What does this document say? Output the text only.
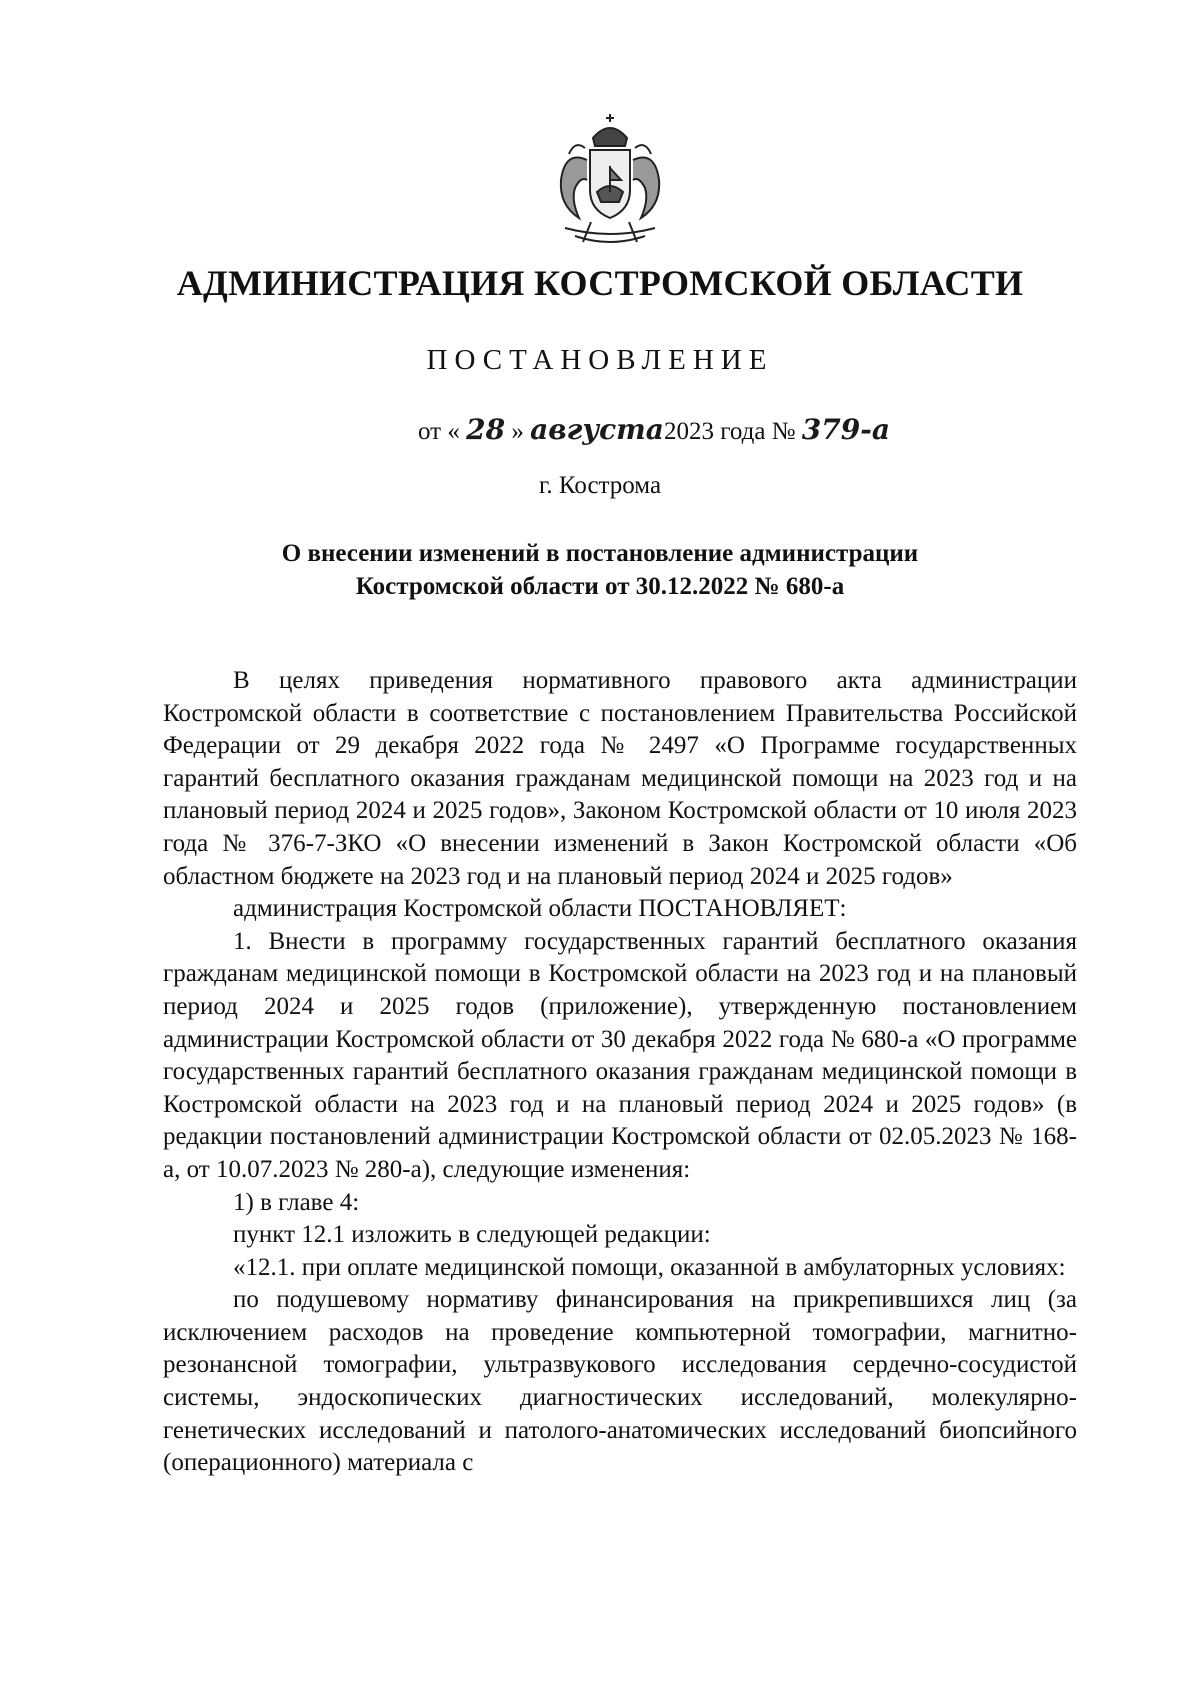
АДМИНИСТРАЦИЯ КОСТРОМСКОЙ ОБЛАСТИ
ПОСТАНОВЛЕНИЕ
от « 28 » августа2023 года № 379-а
г. Кострома
О внесении изменений в постановление администрации
Костромской области от 30.12.2022 № 680-а

В целях приведения нормативного правового акта администрации Костромской области в соответствие с постановлением Правительства Российской Федерации от 29 декабря 2022 года № 2497 «О Программе государственных гарантий бесплатного оказания гражданам медицинской помощи на 2023 год и на плановый период 2024 и 2025 годов», Законом Костромской области от 10 июля 2023 года № 376-7-ЗКО «О внесении изменений в Закон Костромской области «Об областном бюджете на 2023 год и на плановый период 2024 и 2025 годов»

администрация Костромской области ПОСТАНОВЛЯЕТ:

1. Внести в программу государственных гарантий бесплатного оказания гражданам медицинской помощи в Костромской области на 2023 год и на плановый период 2024 и 2025 годов (приложение), утвержденную постановлением администрации Костромской области от 30 декабря 2022 года № 680-а «О программе государственных гарантий бесплатного оказания гражданам медицинской помощи в Костромской области на 2023 год и на плановый период 2024 и 2025 годов» (в редакции постановлений администрации Костромской области от 02.05.2023 № 168-а, от 10.07.2023 № 280-а), следующие изменения:

1) в главе 4:

пункт 12.1 изложить в следующей редакции:

«12.1. при оплате медицинской помощи, оказанной в амбулаторных условиях:

по подушевому нормативу финансирования на прикрепившихся лиц (за исключением расходов на проведение компьютерной томографии, магнитно-резонансной томографии, ультразвукового исследования сердечно-сосудистой системы, эндоскопических диагностических исследований, молекулярно-генетических исследований и патолого-анатомических исследований биопсийного (операционного) материала с
